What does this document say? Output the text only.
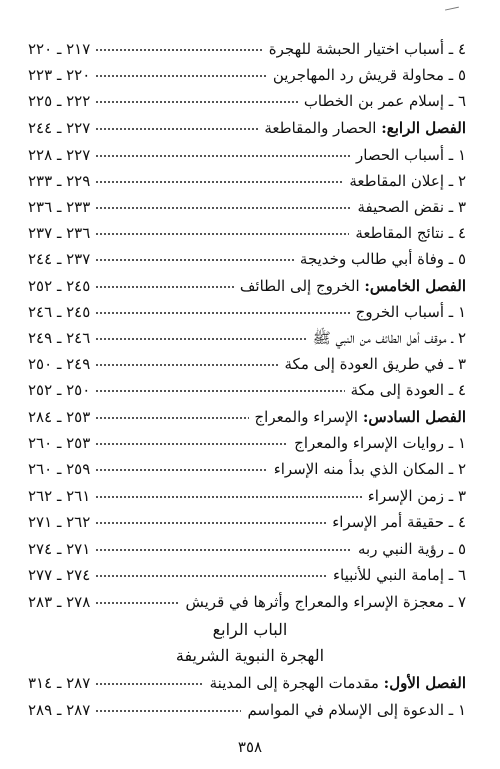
٤ ـ أسباب اختيار الحبشة للهجرة
٢١٧ ـ ٢٢٠
٥ ـ محاولة قريش رد المهاجرين
٢٢٠ ـ ٢٢٣
٦ ـ إسلام عمر بن الخطاب
٢٢٢ ـ ٢٢٥
الفصل الرابع: الحصار والمقاطعة
٢٢٧ ـ ٢٤٤
١ ـ أسباب الحصار
٢٢٧ ـ ٢٢٨
٢ ـ إعلان المقاطعة
٢٢٩ ـ ٢٣٣
٣ ـ نقض الصحيفة
٢٣٣ ـ ٢٣٦
٤ ـ نتائج المقاطعة
٢٣٦ ـ ٢٣٧
٥ ـ وفاة أبي طالب وخديجة
٢٣٧ ـ ٢٤٤
الفصل الخامس: الخروج إلى الطائف
٢٤٥ ـ ٢٥٢
١ ـ أسباب الخروج
٢٤٥ ـ ٢٤٦
٢ ـ موقف أهل الطائف من النبي ﷺ
٢٤٦ ـ ٢٤٩
٣ ـ في طريق العودة إلى مكة
٢٤٩ ـ ٢٥٠
٤ ـ العودة إلى مكة
٢٥٠ ـ ٢٥٢
الفصل السادس: الإسراء والمعراج
٢٥٣ ـ ٢٨٤
١ ـ روايات الإسراء والمعراج
٢٥٣ ـ ٢٦٠
٢ ـ المكان الذي بدأ منه الإسراء
٢٥٩ ـ ٢٦٠
٣ ـ زمن الإسراء
٢٦١ ـ ٢٦٢
٤ ـ حقيقة أمر الإسراء
٢٦٢ ـ ٢٧١
٥ ـ رؤية النبي ربه
٢٧١ ـ ٢٧٤
٦ ـ إمامة النبي للأنبياء
٢٧٤ ـ ٢٧٧
٧ ـ معجزة الإسراء والمعراج وأثرها في قريش
٢٧٨ ـ ٢٨٣
الباب الرابع
الهجرة النبوية الشريفة
الفصل الأول: مقدمات الهجرة إلى المدينة
٢٨٧ ـ ٣١٤
١ ـ الدعوة إلى الإسلام في المواسم
٢٨٧ ـ ٢٨٩
٣٥٨
